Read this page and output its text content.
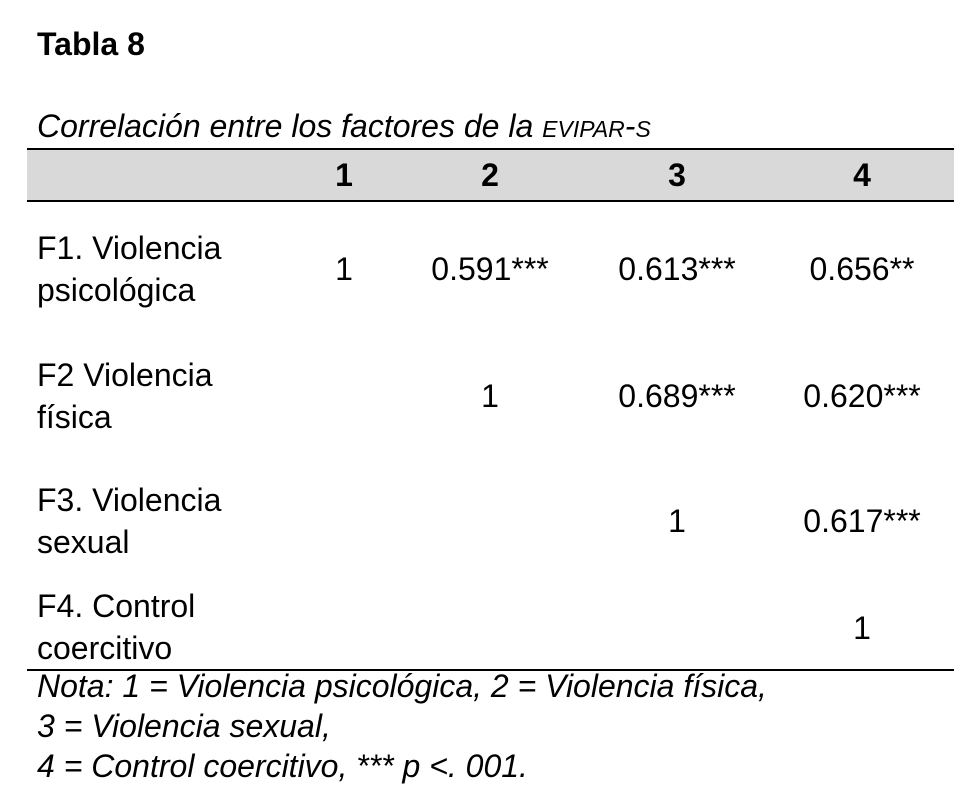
Tabla 8
Correlación entre los factores de la EVIPAR-S
	1	2	3	4

F1. Violencia
psicológica	1	0.591***	0.613***	0.656**

F2 Violencia
física		1	0.689***	0.620***

F3. Violencia
sexual			1	0.617***

F4. Control
coercitivo				1
Nota: 1 = Violencia psicológica, 2 = Violencia física,
3 = Violencia sexual,
4 = Control coercitivo, *** p <. 001.
